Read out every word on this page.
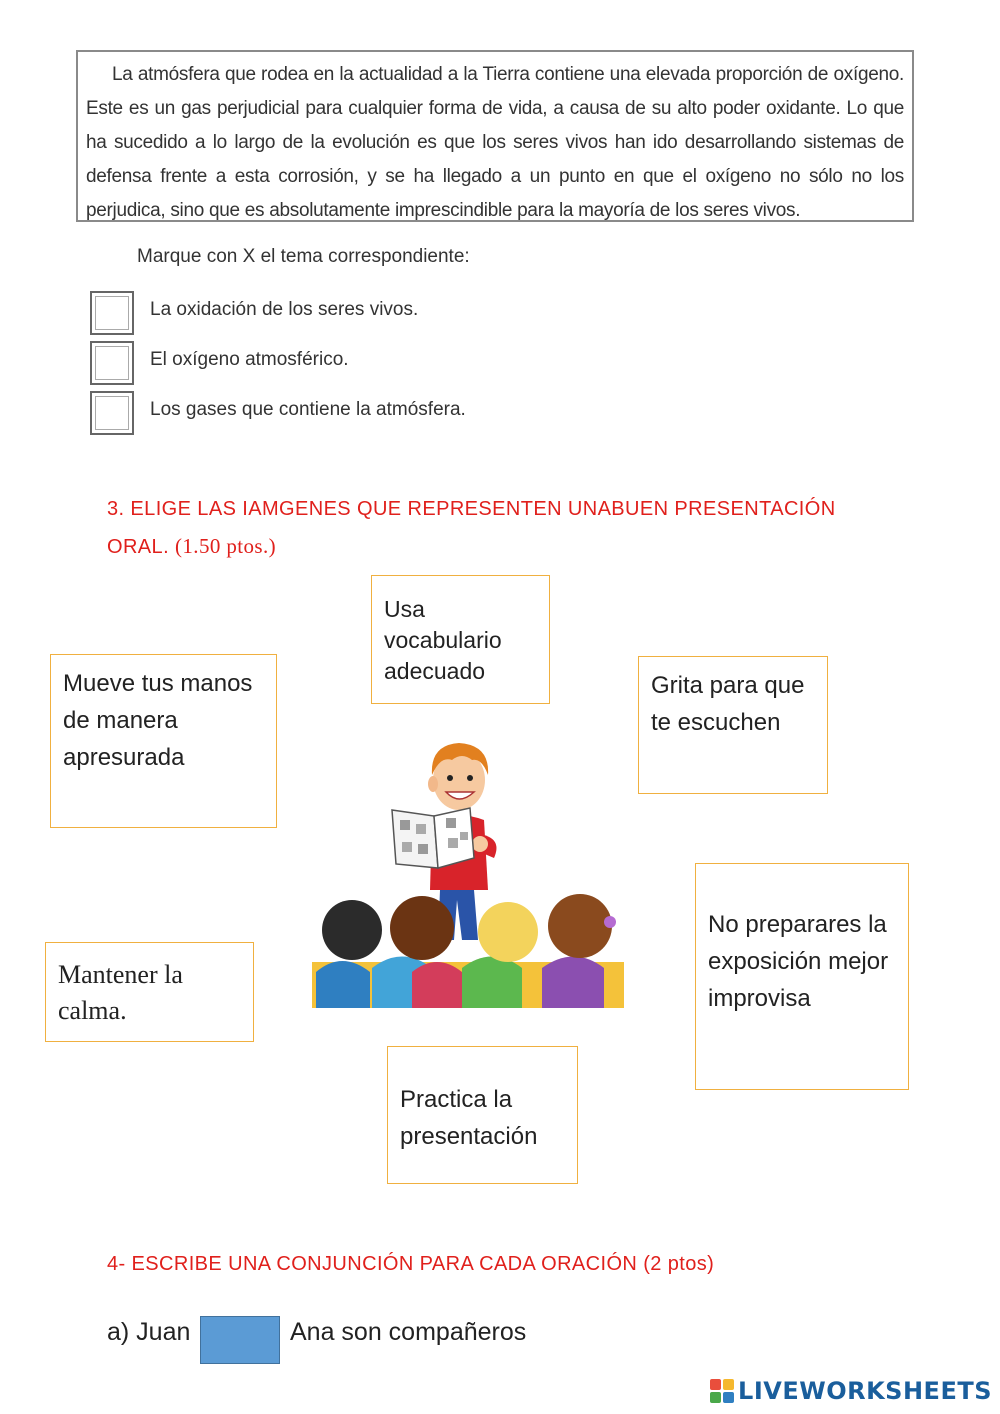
La atmósfera que rodea en la actualidad a la Tierra contiene una elevada proporción de oxígeno. Este es un gas perjudicial para cualquier forma de vida, a causa de su alto poder oxidante. Lo que ha sucedido a lo largo de la evolución es que los seres vivos han ido desarrollando sistemas de defensa frente a esta corrosión, y se ha llegado a un punto en que el oxígeno no sólo no los perjudica, sino que es absolutamente imprescindible para la mayoría de los seres vivos.

Marque con X el tema correspondiente:
La oxidación de los seres vivos.
El oxígeno atmosférico.
Los gases que contiene la atmósfera.
3. ELIGE LAS IAMGENES QUE REPRESENTEN UNABUEN PRESENTACIÓN
ORAL. (1.50 ptos.)
Usa vocabulario adecuado
Mueve tus manos de manera apresurada
Grita para que te escuchen
No preparares la exposición mejor improvisa
Mantener la calma.
Practica la presentación
4- ESCRIBE UNA CONJUNCIÓN PARA CADA ORACIÓN (2 ptos)
a) Juan	Ana son compañeros
LIVEWORKSHEETS
